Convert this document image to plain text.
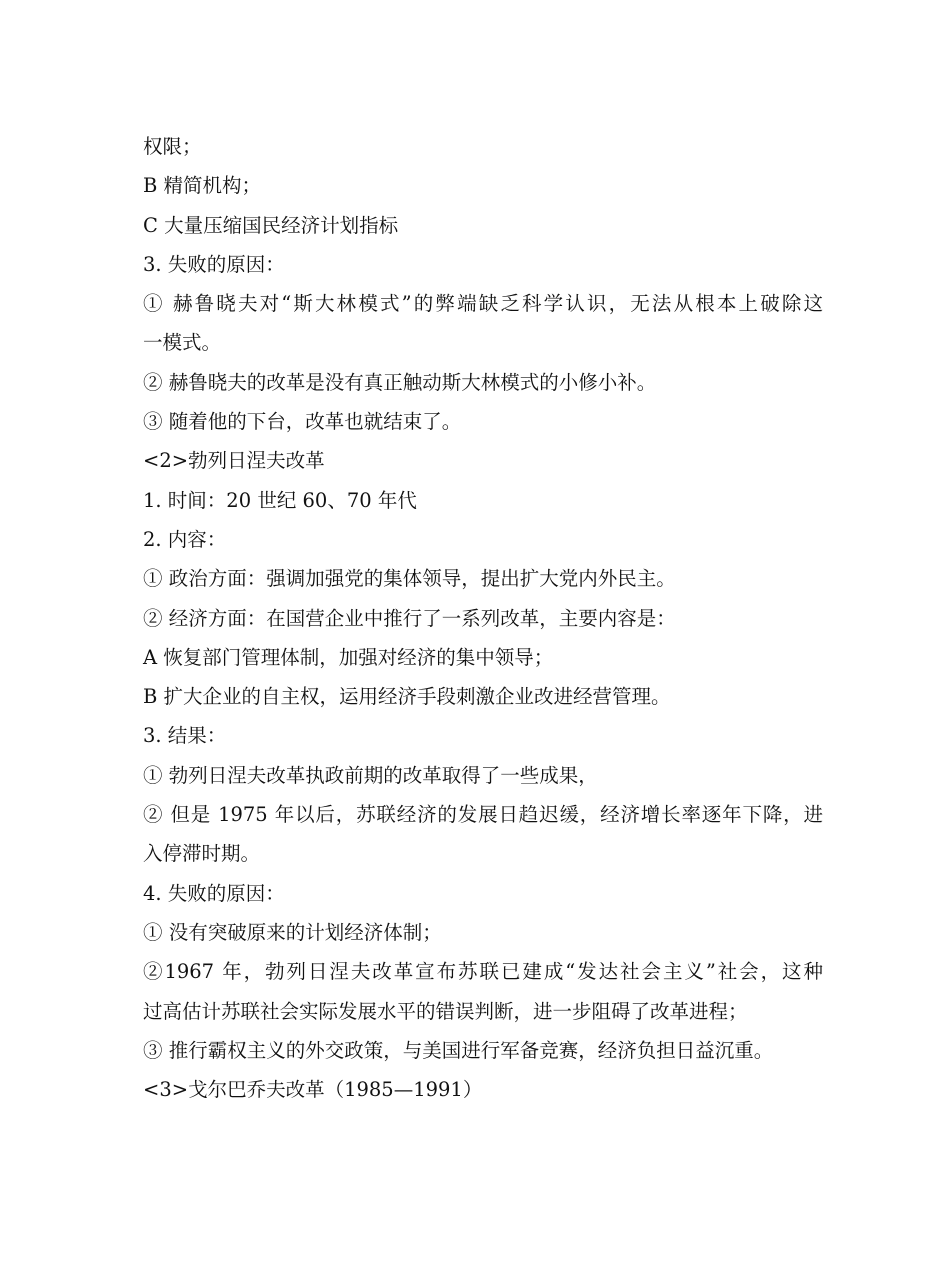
权限；
B 精简机构；
C 大量压缩国民经济计划指标
3. 失败的原因：
① 赫鲁晓夫对“斯大林模式”的弊端缺乏科学认识，无法从根本上破除这
一模式。
② 赫鲁晓夫的改革是没有真正触动斯大林模式的小修小补。
③ 随着他的下台，改革也就结束了。
<2>勃列日涅夫改革
1. 时间：20 世纪 60、70 年代
2. 内容：
① 政治方面：强调加强党的集体领导，提出扩大党内外民主。
② 经济方面：在国营企业中推行了一系列改革，主要内容是：
A 恢复部门管理体制，加强对经济的集中领导；
B 扩大企业的自主权，运用经济手段刺激企业改进经营管理。
3. 结果：
① 勃列日涅夫改革执政前期的改革取得了一些成果，
② 但是 1975 年以后，苏联经济的发展日趋迟缓，经济增长率逐年下降，进
入停滞时期。
4. 失败的原因：
① 没有突破原来的计划经济体制；
②1967 年，勃列日涅夫改革宣布苏联已建成“发达社会主义”社会，这种
过高估计苏联社会实际发展水平的错误判断，进一步阻碍了改革进程；
③ 推行霸权主义的外交政策，与美国进行军备竞赛，经济负担日益沉重。
<3>戈尔巴乔夫改革（1985—1991）
